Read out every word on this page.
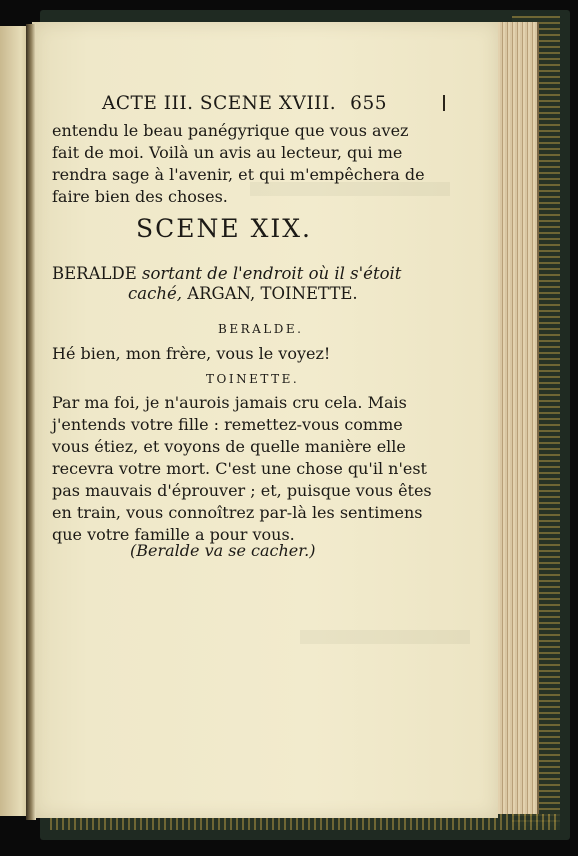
ACTE III. SCENE XVIII. 655
entendu le beau panégyrique que vous avez
fait de moi. Voilà un avis au lecteur, qui me
rendra sage à l'avenir, et qui m'empêchera de
faire bien des choses.
SCENE XIX.
BERALDE sortant de l'endroit où il s'étoit
caché, ARGAN, TOINETTE.
BERALDE.
Hé bien, mon frère, vous le voyez!
TOINETTE.
Par ma foi, je n'aurois jamais cru cela. Mais
j'entends votre fille : remettez-vous comme
vous étiez, et voyons de quelle manière elle
recevra votre mort. C'est une chose qu'il n'est
pas mauvais d'éprouver ; et, puisque vous êtes
en train, vous connoîtrez par-là les sentimens
que votre famille a pour vous.
(Beralde va se cacher.)
